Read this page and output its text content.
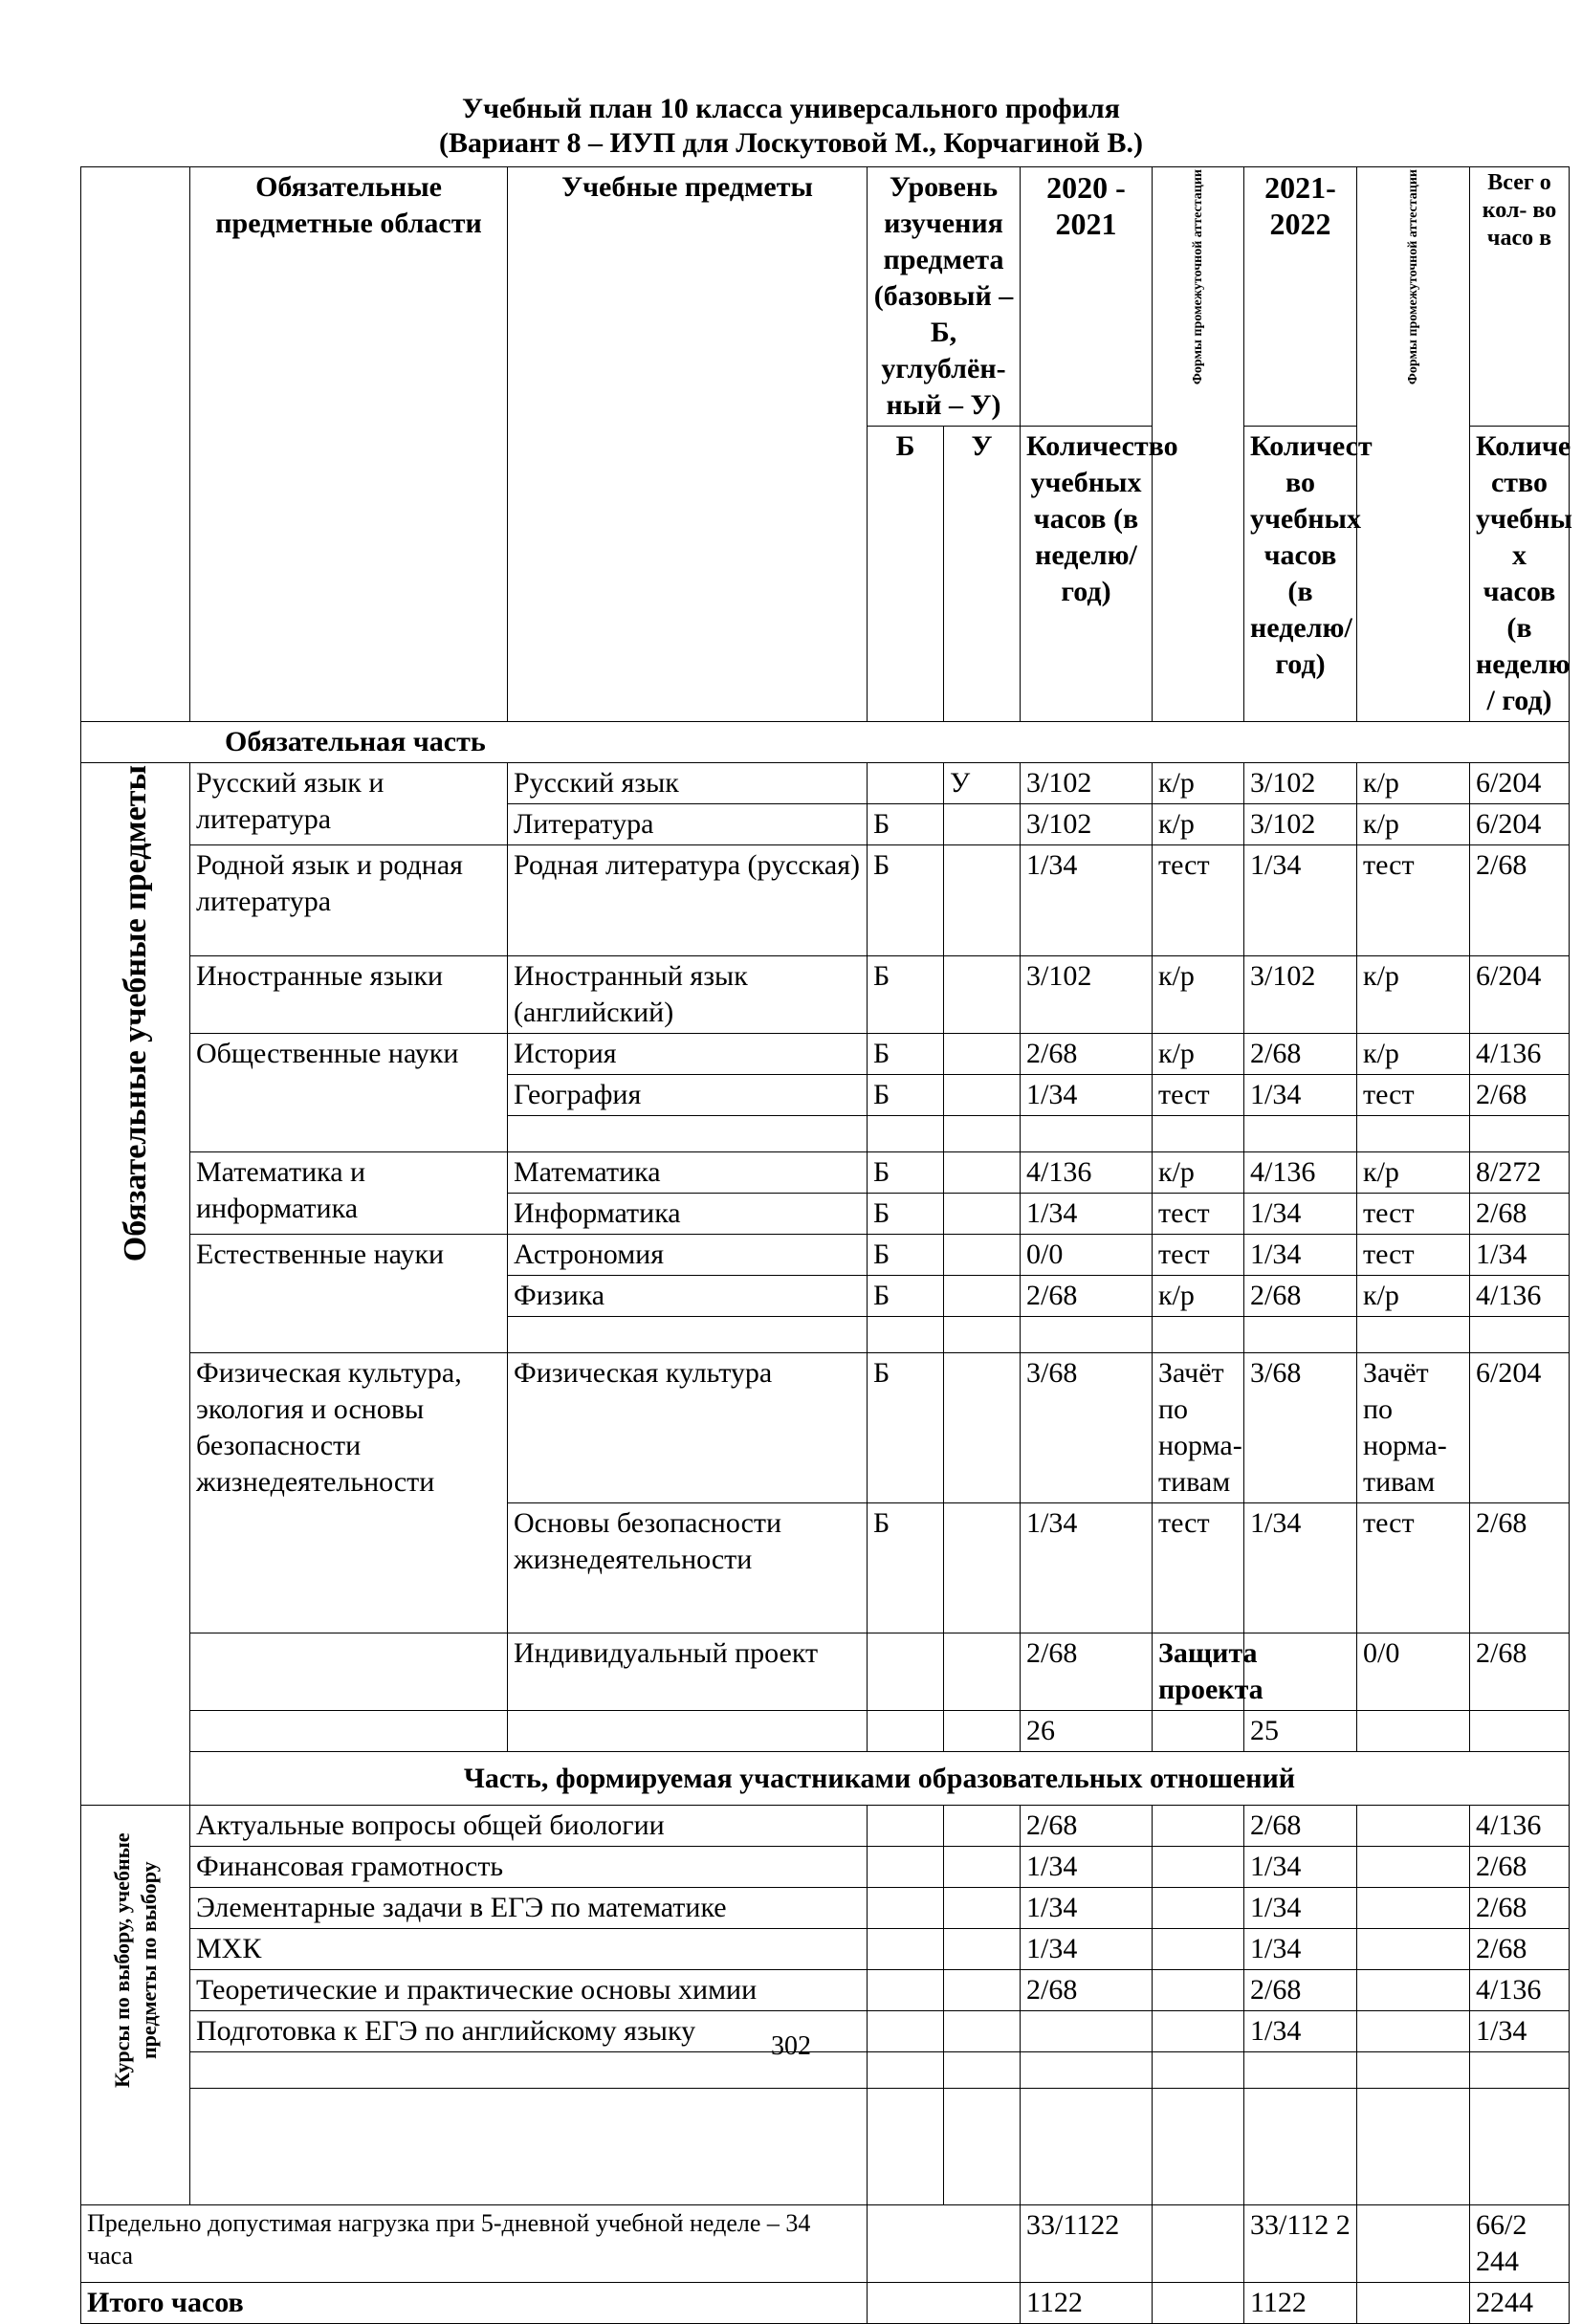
Учебный план 10 класса универсального профиля
(Вариант 8 – ИУП для Лоскутовой М., Корчагиной В.)
	Обязательные предметные области	Учебные предметы	Уровень изучения предмета (базовый – Б, углублён-ный – У)		2020 - 2021	Формы промежуточной аттестации	2021- 2022	Формы промежуточной аттестации	Всег о кол- во часо в	
			Б	У	Количество учебных часов (в неделю/ год)		Количест во учебных часов (в неделю/ год)		Количе ство учебны х часов (в неделю / год)	
Обязательная часть										
Обязательные учебные предметы	Русский язык и литература	Русский язык		У	3/102	к/р	3/102	к/р	6/204	
		Литература	Б		3/102	к/р	3/102	к/р	6/204	
	Родной язык и родная литература	Родная литература (русская)	Б		1/34	тест	1/34	тест	2/68	
	Иностранные языки	Иностранный язык (английский)	Б		3/102	к/р	3/102	к/р	6/204	
	Общественные науки	История	Б		2/68	к/р	2/68	к/р	4/136	
		География	Б		1/34	тест	1/34	тест	2/68	

	Математика и информатика	Математика	Б		4/136	к/р	4/136	к/р	8/272	
		Информатика	Б		1/34	тест	1/34	тест	2/68	
	Естественные науки	Астрономия	Б		0/0	тест	1/34	тест	1/34	
		Физика	Б		2/68	к/р	2/68	к/р	4/136	

	Физическая культура, экология и основы безопасности жизнедеятельности	Физическая культура	Б		3/68	Зачёт по норма- тивам	3/68	Зачёт по норма- тивам	6/204	
		Основы безопасности жизнедеятельности	Б		1/34	тест	1/34	тест	2/68	
		Индивидуальный проект			2/68	Защита проекта		0/0	2/68	
					26		25			
	Часть, формируемая участниками образовательных отношений									
Курсы по выбору, учебные предметы по выбору	Актуальные вопросы общей биологии				2/68		2/68		4/136	
	Финансовая грамотность				1/34		1/34		2/68	
	Элементарные задачи в ЕГЭ по математике				1/34		1/34		2/68	
	МХК				1/34		1/34		2/68	
	Теоретические и практические основы химии				2/68		2/68		4/136	
	Подготовка к ЕГЭ по английскому языку						1/34		1/34	

Предельно допустимая нагрузка при 5-дневной учебной неделе – 34 часа					33/1122		33/112 2		66/2 244	
Итого часов					1122		1122		2244	
302
